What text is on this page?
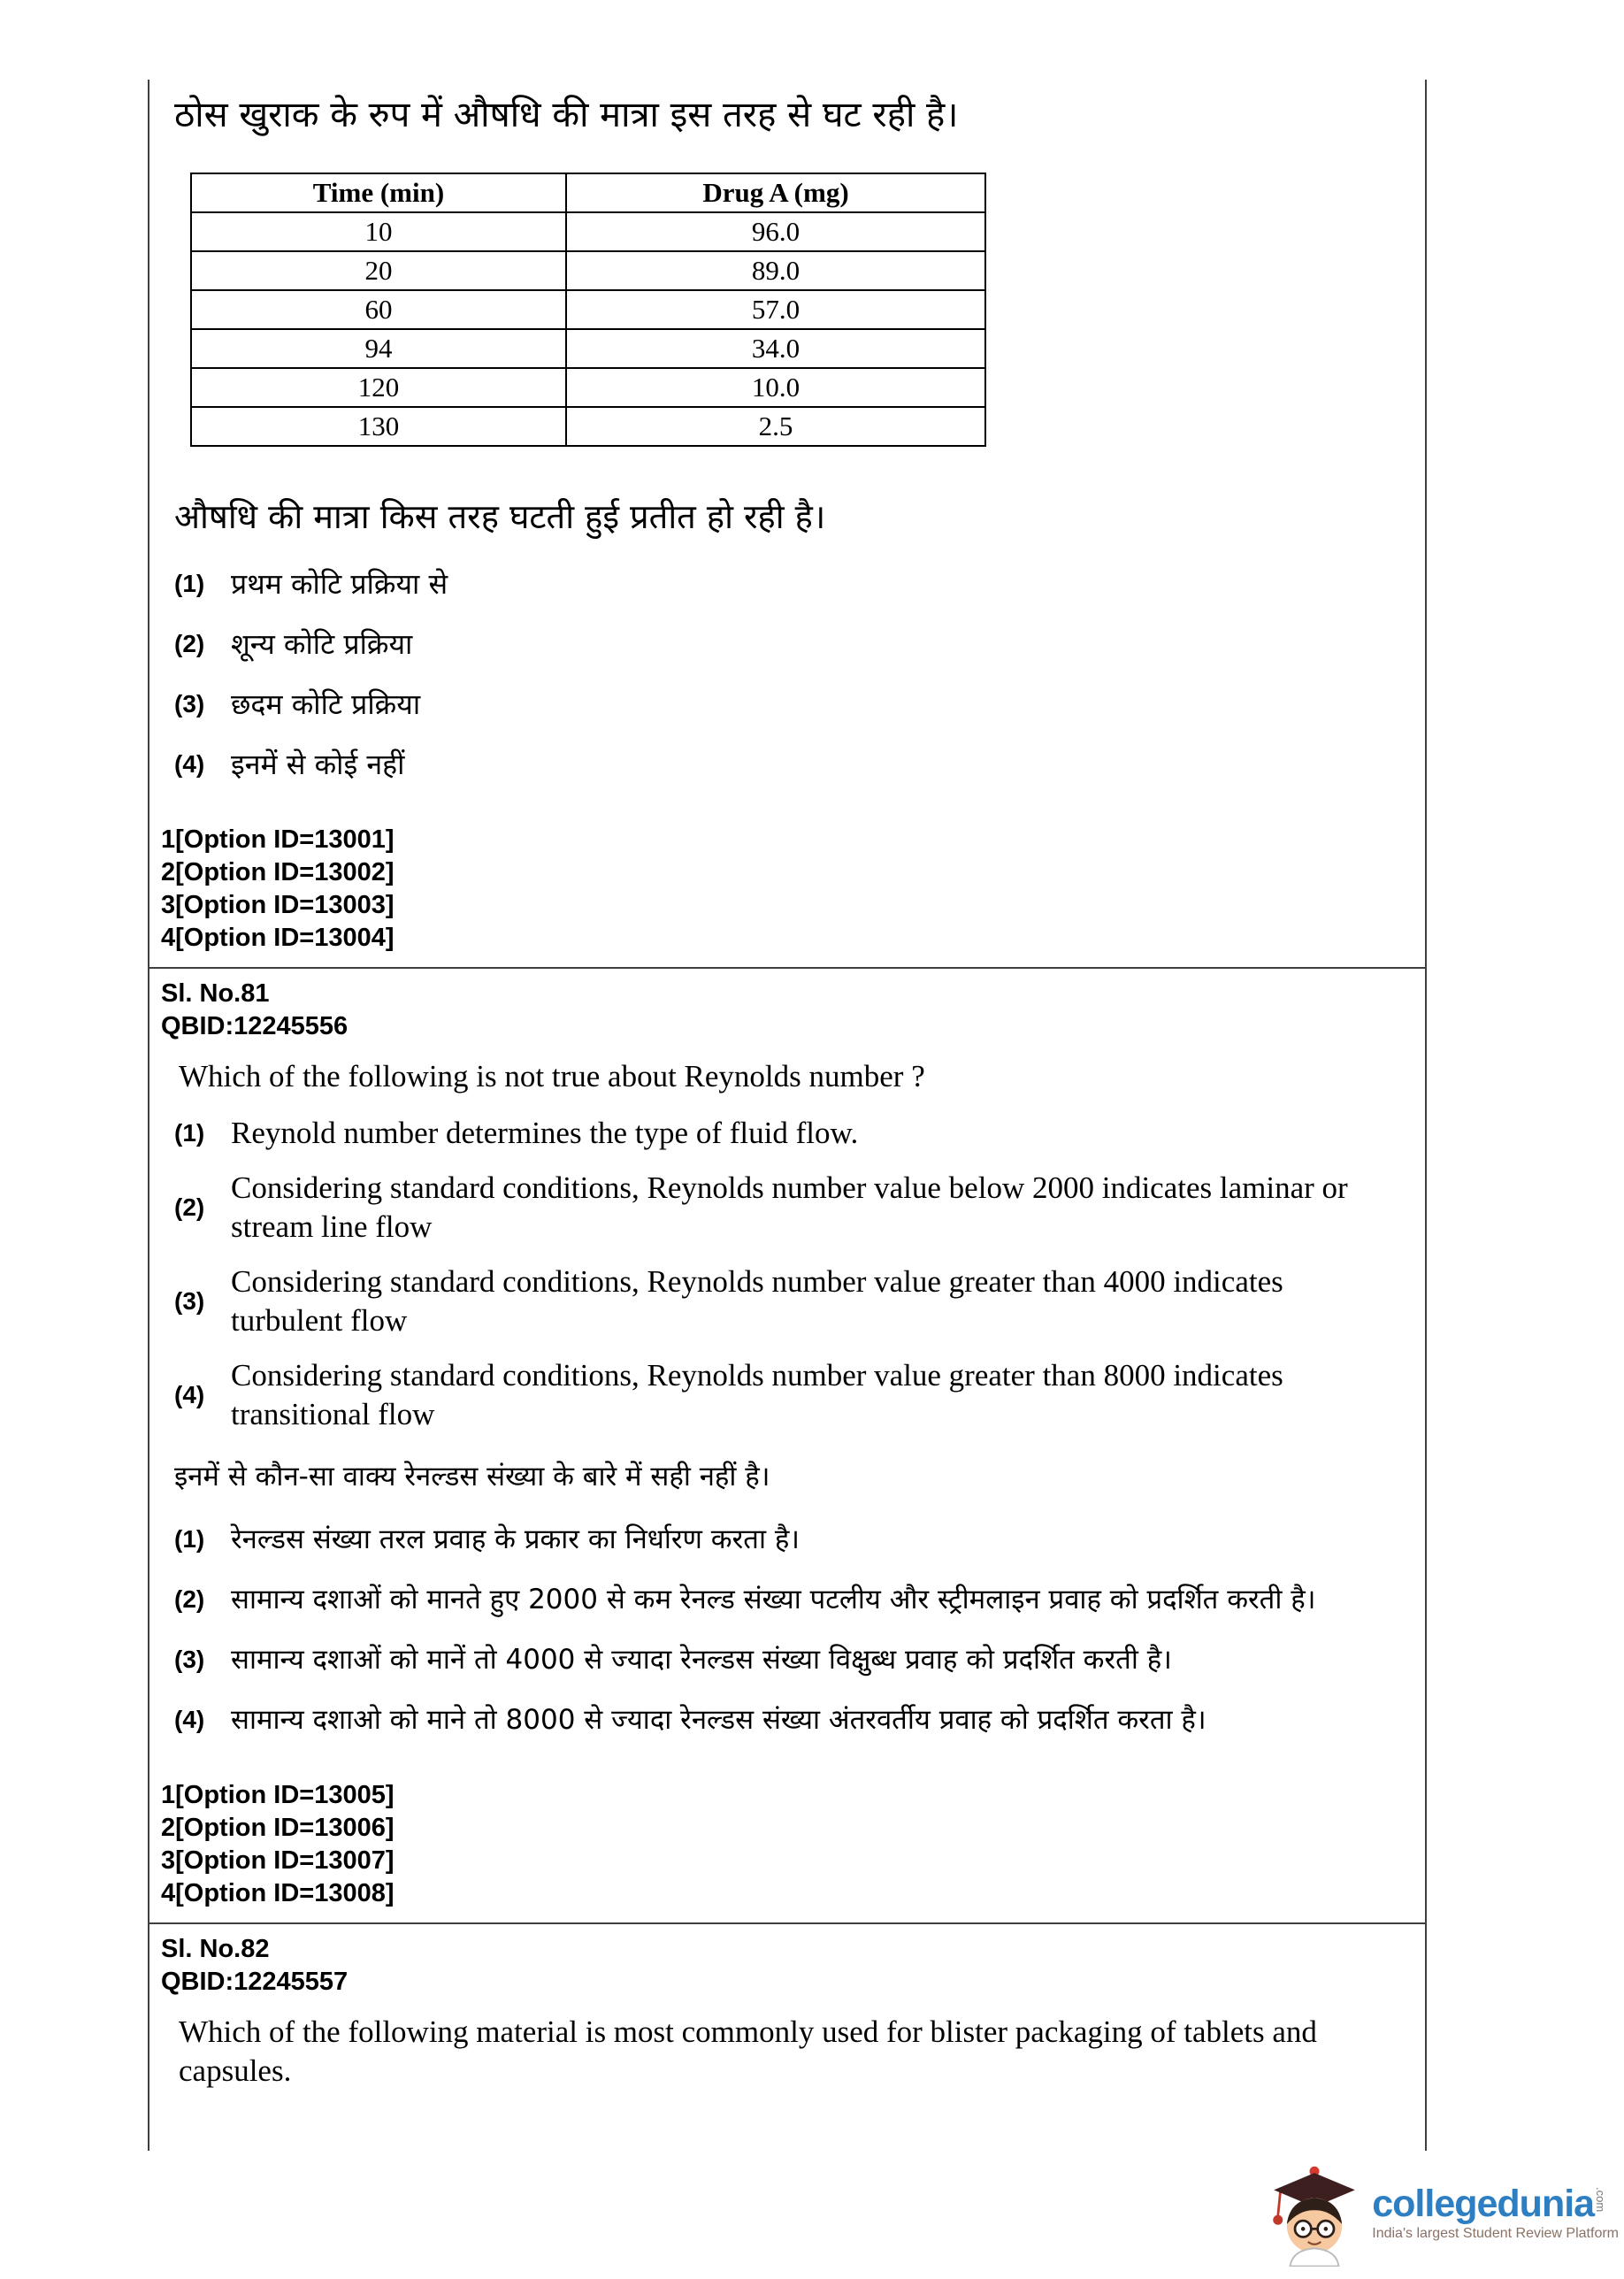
ठोस खुराक के रुप में औषधि की मात्रा इस तरह से घट रही है।
Time (min)	Drug A (mg)
10	96.0
20	89.0
60	57.0
94	34.0
120	10.0
130	2.5
औषधि की मात्रा किस तरह घटती हुई प्रतीत हो रही है।
(1) प्रथम कोटि प्रक्रिया से
(2) शून्य कोटि प्रक्रिया
(3) छदम कोटि प्रक्रिया
(4) इनमें से कोई नहीं
1[Option ID=13001]
2[Option ID=13002]
3[Option ID=13003]
4[Option ID=13004]
Sl. No.81
QBID:12245556
Which of the following is not true about Reynolds number ?
(1) Reynold number determines the type of fluid flow.
(2)
Considering standard conditions, Reynolds number value below 2000 indicates laminar or stream line flow
(3)
Considering standard conditions, Reynolds number value greater than 4000 indicates turbulent flow
(4)
Considering standard conditions, Reynolds number value greater than 8000 indicates transitional flow
इनमें से कौन-सा वाक्य रेनल्डस संख्या के बारे में सही नहीं है।
(1) रेनल्डस संख्या तरल प्रवाह के प्रकार का निर्धारण करता है।
(2) सामान्य दशाओं को मानते हुए 2000 से कम रेनल्ड संख्या पटलीय और स्ट्रीमलाइन प्रवाह को प्रदर्शित करती है।
(3) सामान्य दशाओं को मानें तो 4000 से ज्यादा रेनल्डस संख्या विक्षुब्ध प्रवाह को प्रदर्शित करती है।
(4) सामान्य दशाओ को माने तो 8000 से ज्यादा रेनल्डस संख्या अंतरवर्तीय प्रवाह को प्रदर्शित करता है।
1[Option ID=13005]
2[Option ID=13006]
3[Option ID=13007]
4[Option ID=13008]
Sl. No.82
QBID:12245557
Which of the following material is most commonly used for blister packaging of tablets and capsules.
collegedunia .com
India's largest Student Review Platform
